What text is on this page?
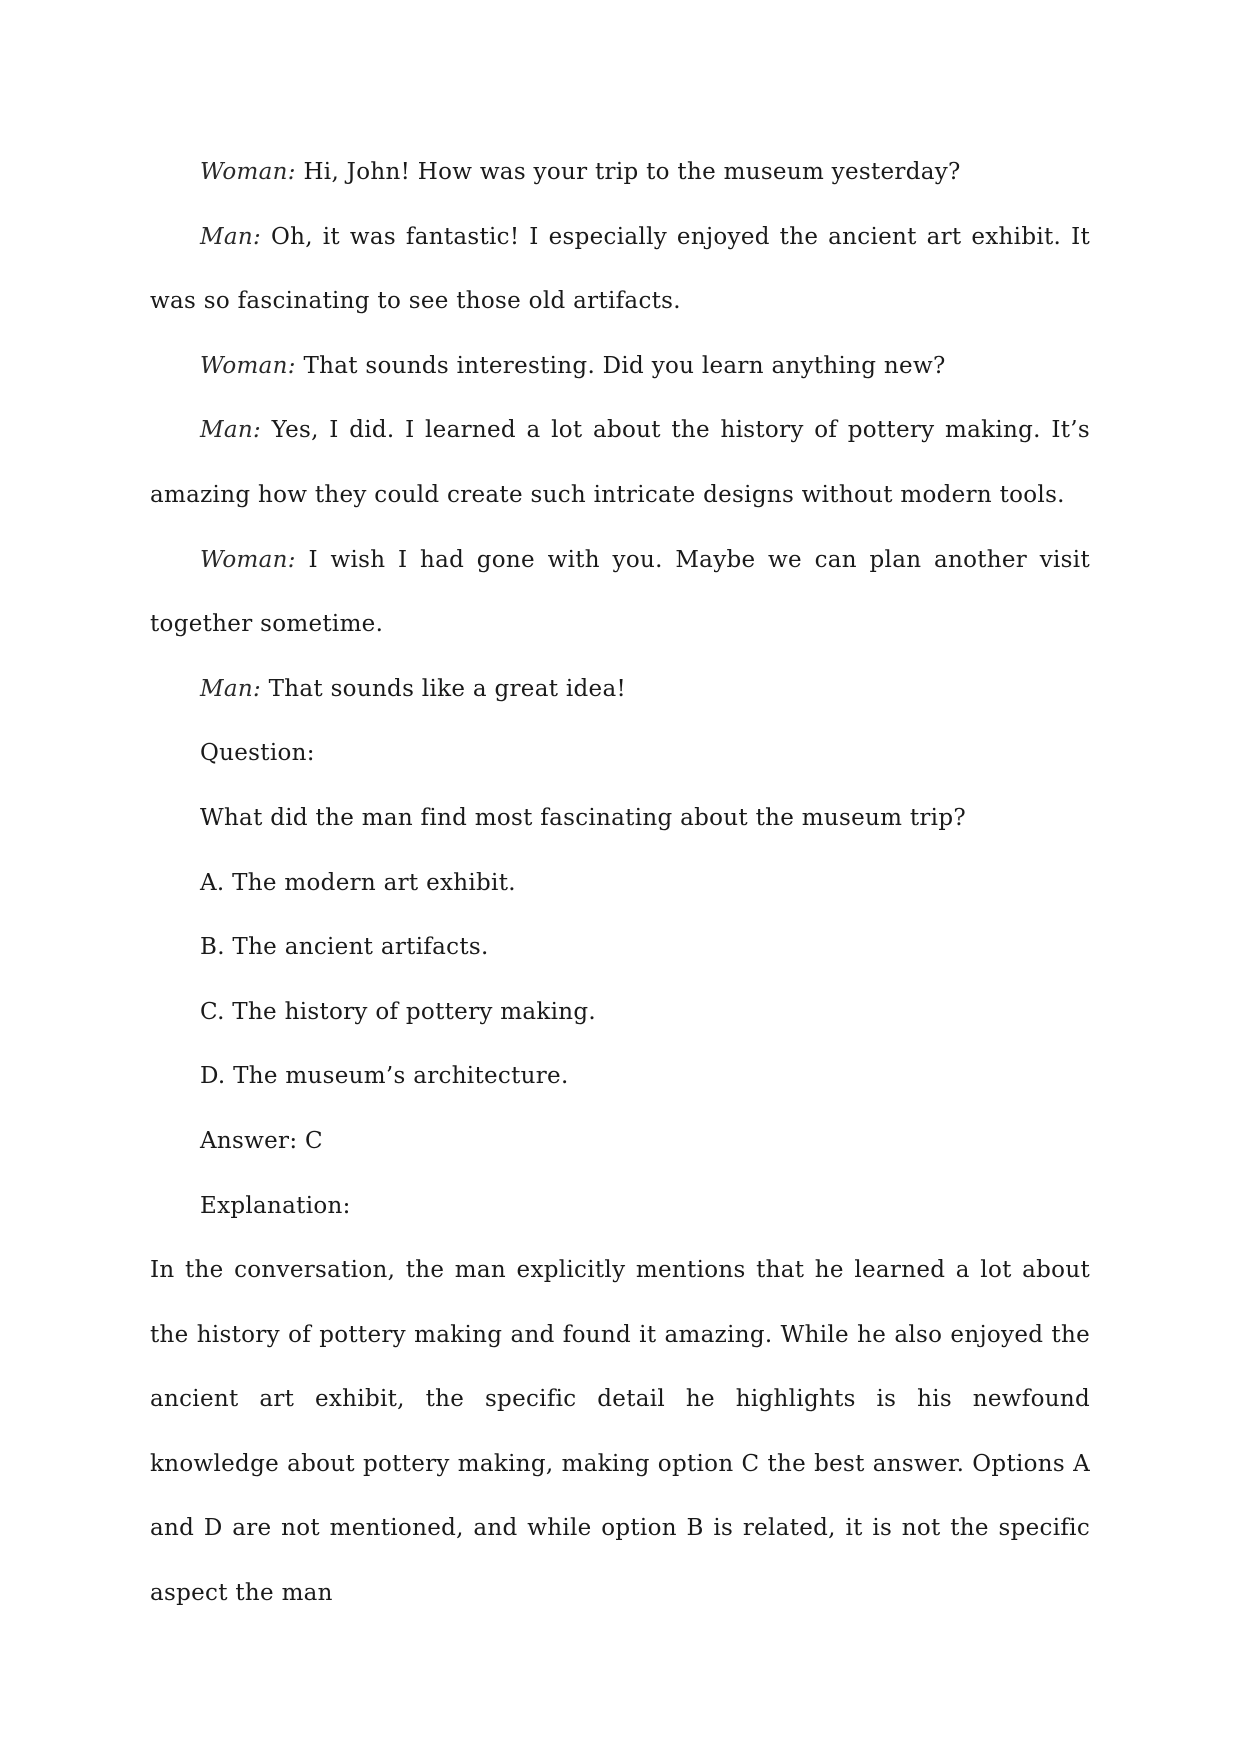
Woman: Hi, John! How was your trip to the museum yesterday?

Man: Oh, it was fantastic! I especially enjoyed the ancient art exhibit. It was so fascinating to see those old artifacts.

Woman: That sounds interesting. Did you learn anything new?

Man: Yes, I did. I learned a lot about the history of pottery making. It’s amazing how they could create such intricate designs without modern tools.

Woman: I wish I had gone with you. Maybe we can plan another visit together sometime.

Man: That sounds like a great idea!

Question:

What did the man find most fascinating about the museum trip?

A. The modern art exhibit.

B. The ancient artifacts.

C. The history of pottery making.

D. The museum’s architecture.

Answer: C

Explanation:

In the conversation, the man explicitly mentions that he learned a lot about the history of pottery making and found it amazing. While he also enjoyed the ancient art exhibit, the specific detail he highlights is his newfound knowledge about pottery making, making option C the best answer. Options A and D are not mentioned, and while option B is related, it is not the specific aspect the man
